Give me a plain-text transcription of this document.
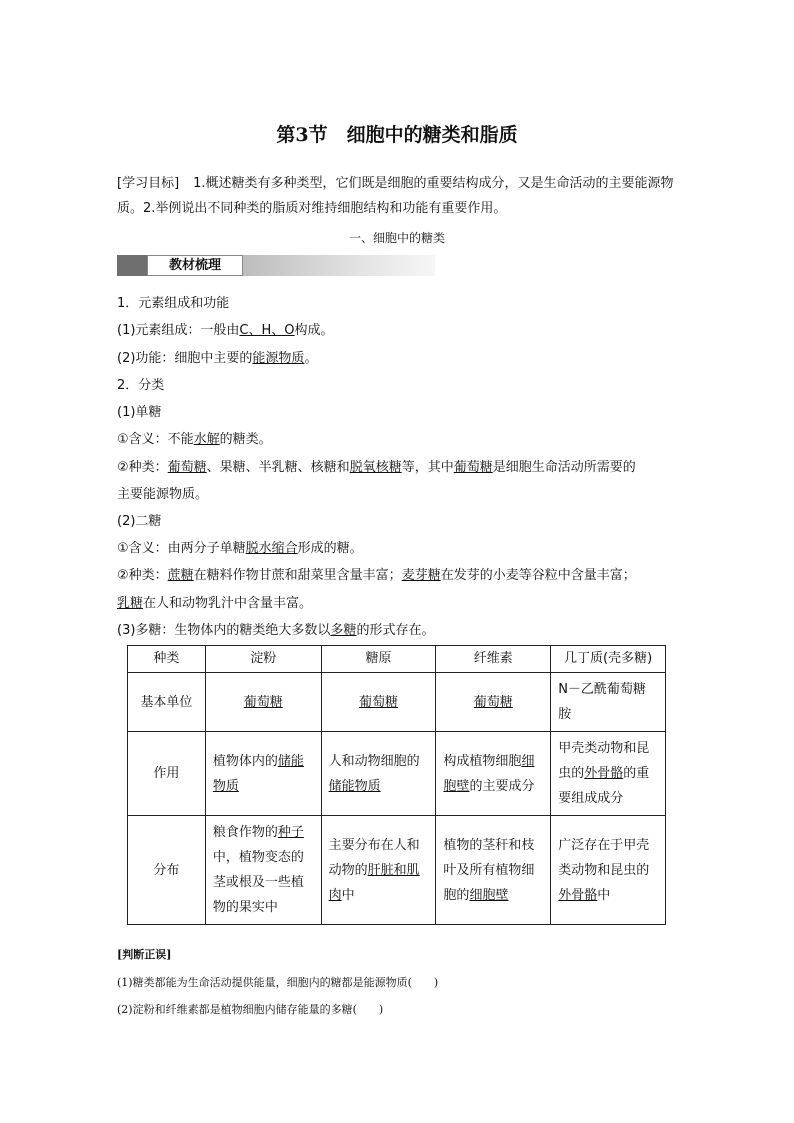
第3节　细胞中的糖类和脂质
[学习目标] 1.概述糖类有多种类型，它们既是细胞的重要结构成分，又是生命活动的主要能源物质。2.举例说出不同种类的脂质对维持细胞结构和功能有重要作用。
一、细胞中的糖类
教材梳理
1．元素组成和功能
(1)元素组成：一般由C、H、O构成。
(2)功能：细胞中主要的能源物质。
2．分类
(1)单糖
①含义：不能水解的糖类。
②种类：葡萄糖、果糖、半乳糖、核糖和脱氧核糖等，其中葡萄糖是细胞生命活动所需要的
主要能源物质。
(2)二糖
①含义：由两分子单糖脱水缩合形成的糖。
②种类：蔗糖在糖料作物甘蔗和甜菜里含量丰富；麦芽糖在发芽的小麦等谷粒中含量丰富；
乳糖在人和动物乳汁中含量丰富。
(3)多糖：生物体内的糖类绝大多数以多糖的形式存在。
种类	淀粉	糖原	纤维素	几丁质(壳多糖)
基本单位	葡萄糖	葡萄糖	葡萄糖	N－乙酰葡萄糖胺
作用	植物体内的储能物质	人和动物细胞的储能物质	构成植物细胞细胞壁的主要成分	甲壳类动物和昆虫的外骨骼的重要组成成分
分布	粮食作物的种子中，植物变态的茎或根及一些植物的果实中	主要分布在人和动物的肝脏和肌肉中	植物的茎秆和枝叶及所有植物细胞的细胞壁	广泛存在于甲壳类动物和昆虫的外骨骼中
[判断正误]
(1)糖类都能为生命活动提供能量，细胞内的糖都是能源物质(　　)
(2)淀粉和纤维素都是植物细胞内储存能量的多糖(　　)
